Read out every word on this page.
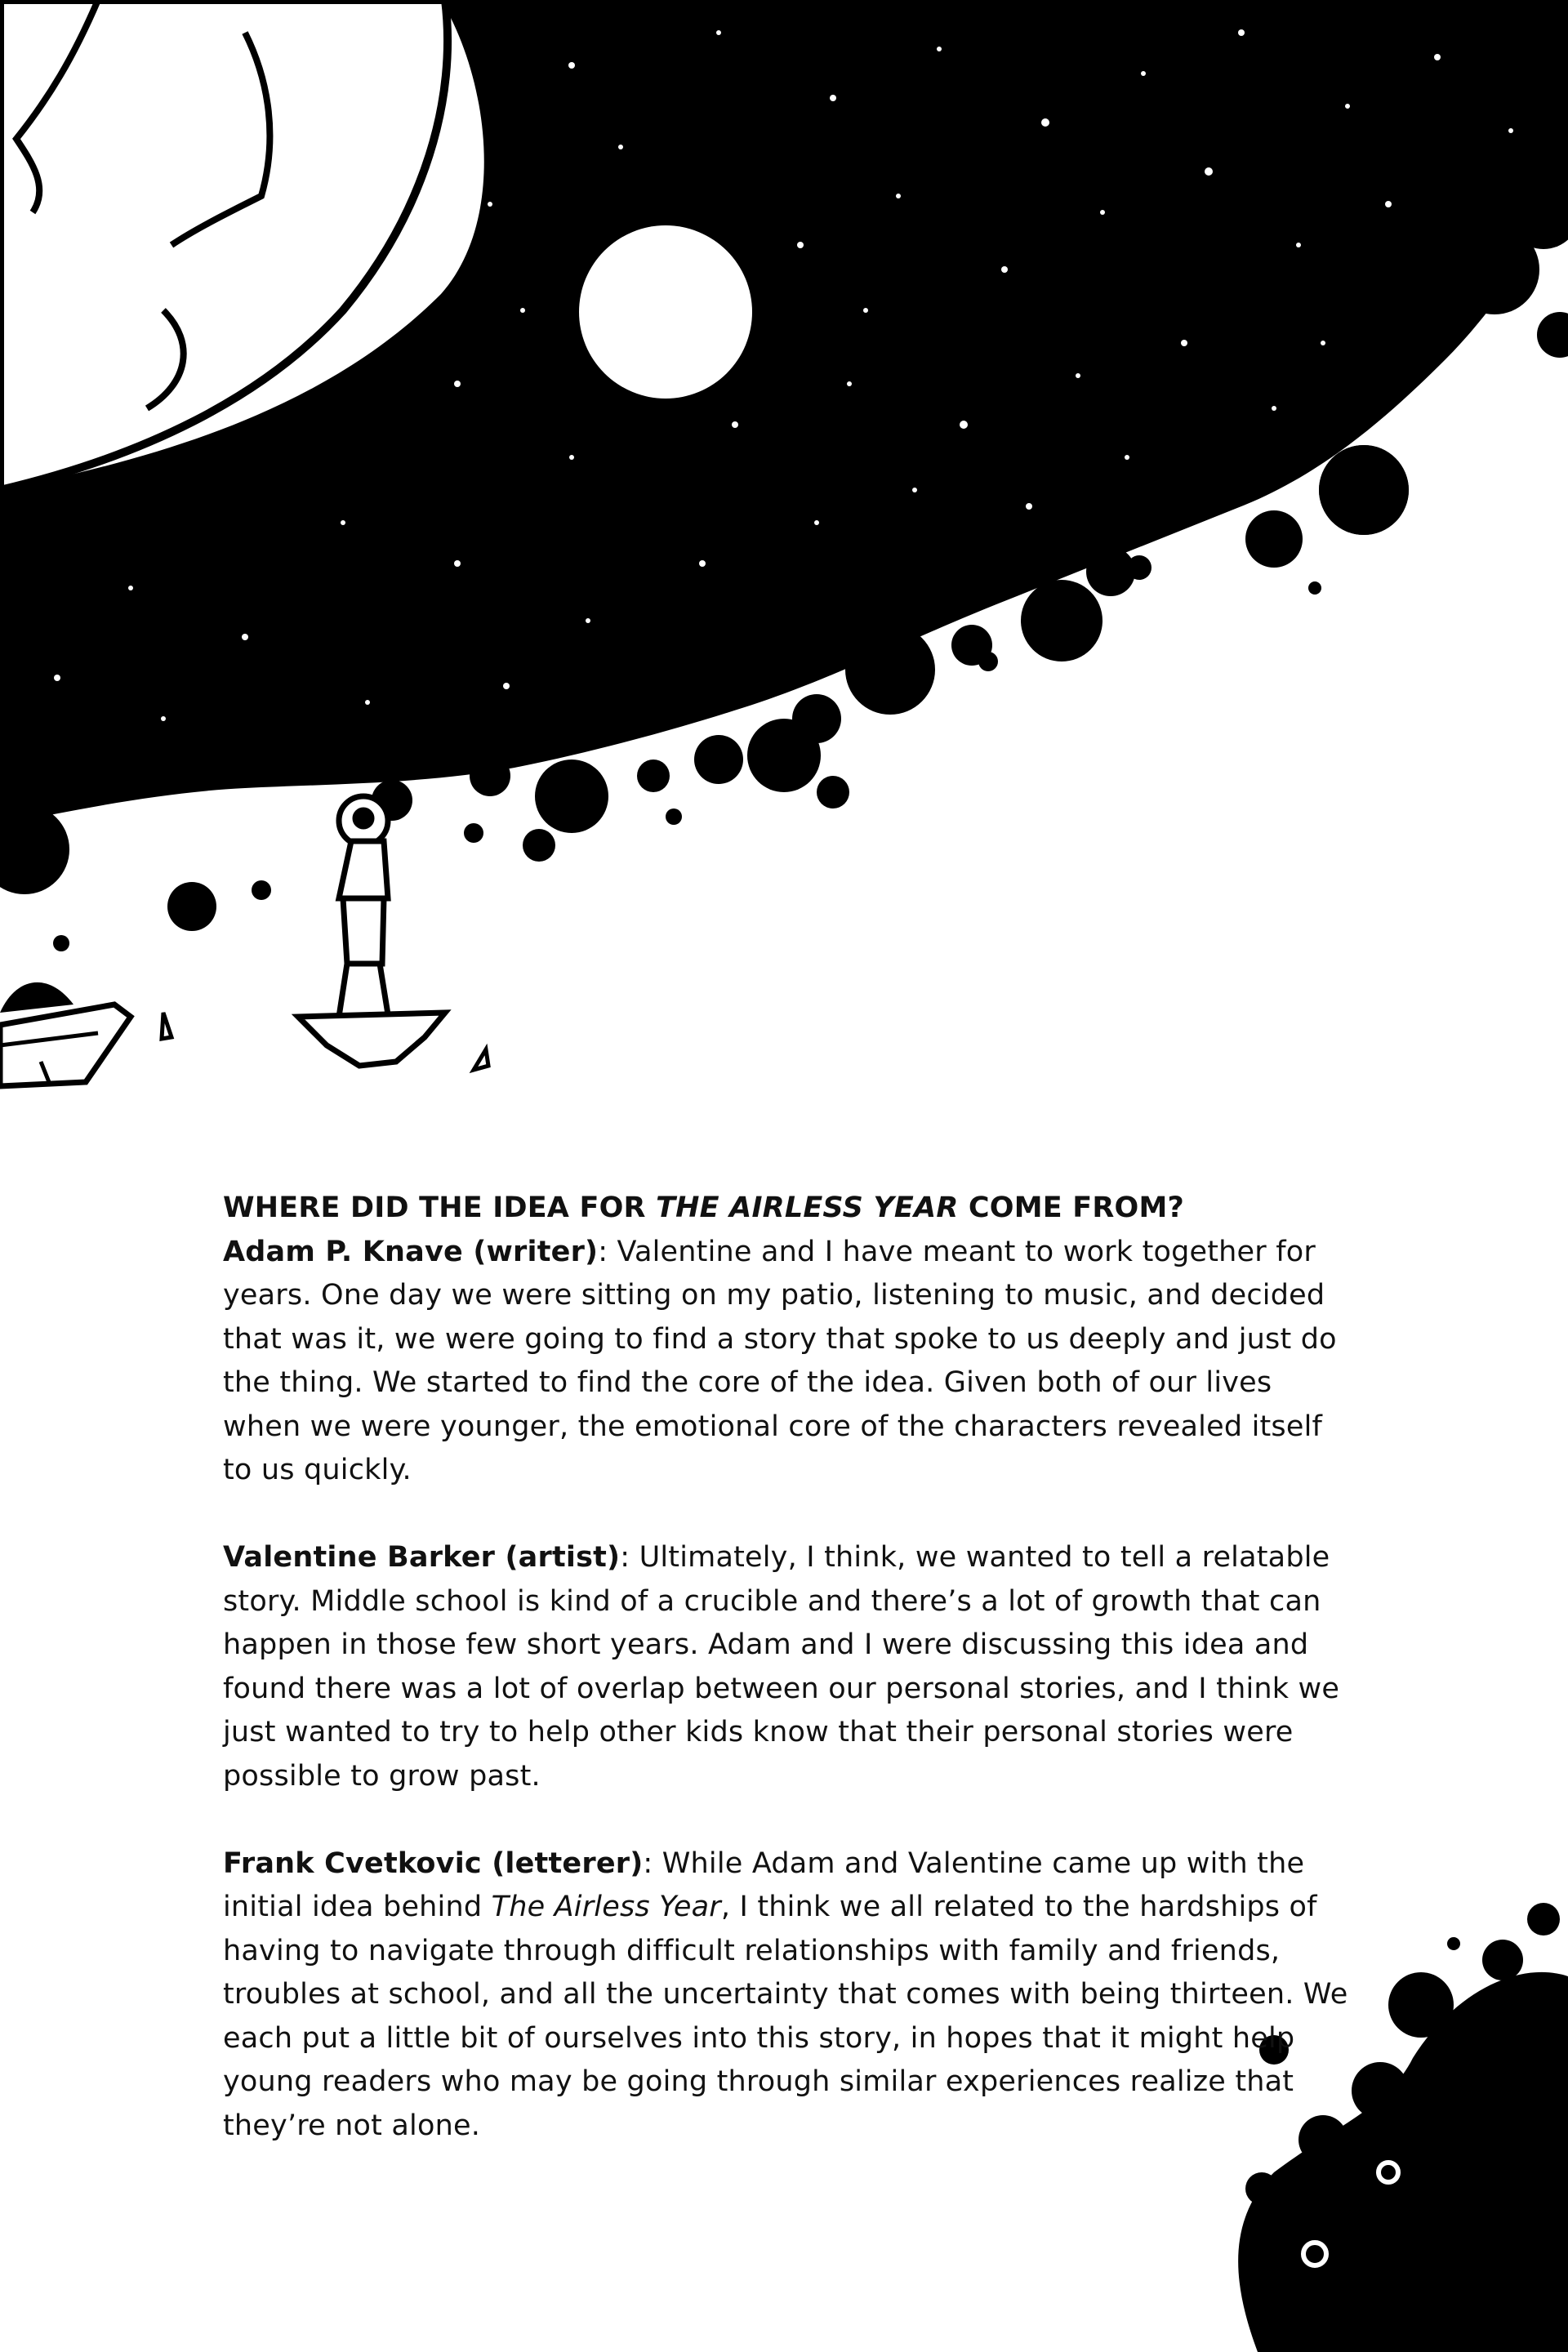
WHERE DID THE IDEA FOR THE AIRLESS YEAR COME FROM?

Adam P. Knave (writer): Valentine and I have meant to work together for years. One day we were sitting on my patio, listening to music, and decided that was it, we were going to find a story that spoke to us deeply and just do the thing. We started to find the core of the idea. Given both of our lives when we were younger, the emotional core of the characters revealed itself to us quickly.

Valentine Barker (artist): Ultimately, I think, we wanted to tell a relatable story. Middle school is kind of a crucible and there’s a lot of growth that can happen in those few short years. Adam and I were discussing this idea and found there was a lot of overlap between our personal stories, and I think we just wanted to try to help other kids know that their personal stories were possible to grow past.

Frank Cvetkovic (letterer): While Adam and Valentine came up with the initial idea behind The Airless Year, I think we all related to the hardships of having to navigate through difficult relationships with family and friends, troubles at school, and all the uncertainty that comes with being thirteen. We each put a little bit of ourselves into this story, in hopes that it might help young readers who may be going through similar experiences realize that they’re not alone.
